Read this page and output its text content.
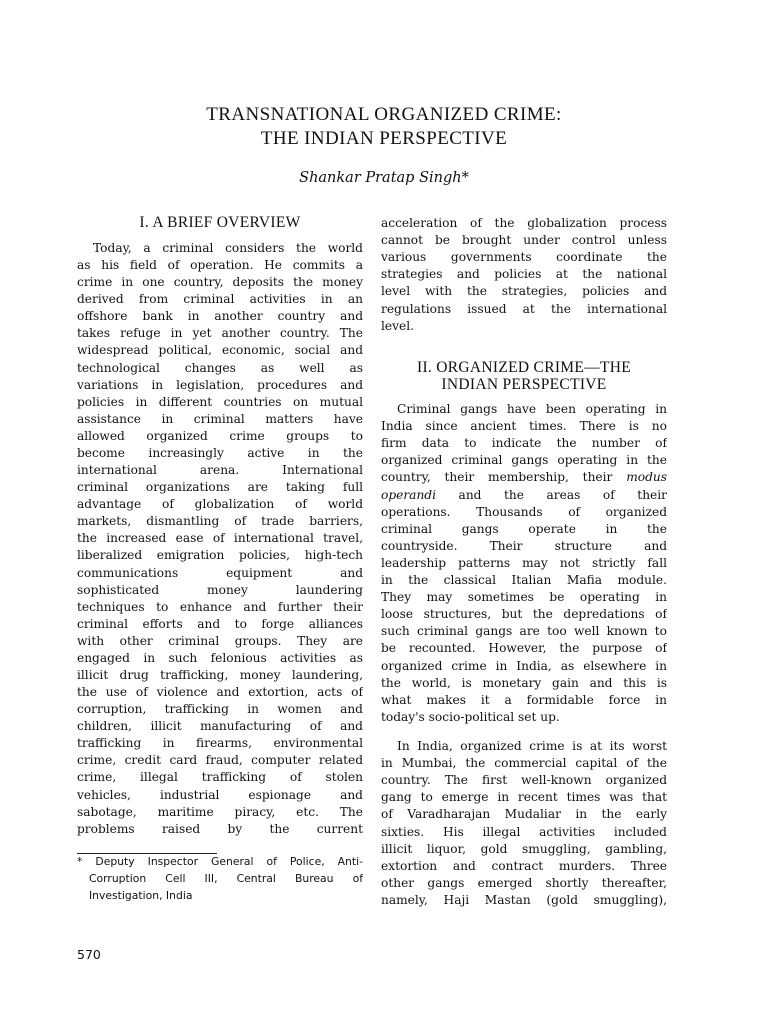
TRANSNATIONAL ORGANIZED CRIME:
THE INDIAN PERSPECTIVE
Shankar Pratap Singh*
I. A BRIEF OVERVIEW
Today, a criminal considers the world
as his field of operation. He commits a
crime in one country, deposits the money
derived from criminal activities in an
offshore bank in another country and
takes refuge in yet another country. The
widespread political, economic, social and
technological changes as well as
variations in legislation, procedures and
policies in different countries on mutual
assistance in criminal matters have
allowed organized crime groups to
become increasingly active in the
international arena. International
criminal organizations are taking full
advantage of globalization of world
markets, dismantling of trade barriers,
the increased ease of international travel,
liberalized emigration policies, high-tech
communications equipment and
sophisticated money laundering
techniques to enhance and further their
criminal efforts and to forge alliances
with other criminal groups. They are
engaged in such felonious activities as
illicit drug trafficking, money laundering,
the use of violence and extortion, acts of
corruption, trafficking in women and
children, illicit manufacturing of and
trafficking in firearms, environmental
crime, credit card fraud, computer related
crime, illegal trafficking of stolen
vehicles, industrial espionage and
sabotage, maritime piracy, etc. The
problems raised by the current
acceleration of the globalization process
cannot be brought under control unless
various governments coordinate the
strategies and policies at the national
level with the strategies, policies and
regulations issued at the international
level.
II. ORGANIZED CRIME—THE
INDIAN PERSPECTIVE
Criminal gangs have been operating in
India since ancient times. There is no
firm data to indicate the number of
organized criminal gangs operating in the
country, their membership, their modus
operandi and the areas of their
operations. Thousands of organized
criminal gangs operate in the
countryside. Their structure and
leadership patterns may not strictly fall
in the classical Italian Mafia module.
They may sometimes be operating in
loose structures, but the depredations of
such criminal gangs are too well known to
be recounted. However, the purpose of
organized crime in India, as elsewhere in
the world, is monetary gain and this is
what makes it a formidable force in
today's socio-political set up.
In India, organized crime is at its worst
in Mumbai, the commercial capital of the
country. The first well-known organized
gang to emerge in recent times was that
of Varadharajan Mudaliar in the early
sixties. His illegal activities included
illicit liquor, gold smuggling, gambling,
extortion and contract murders. Three
other gangs emerged shortly thereafter,
namely, Haji Mastan (gold smuggling),
* Deputy Inspector General of Police, Anti-
Corruption Cell III, Central Bureau of
Investigation, India
570
